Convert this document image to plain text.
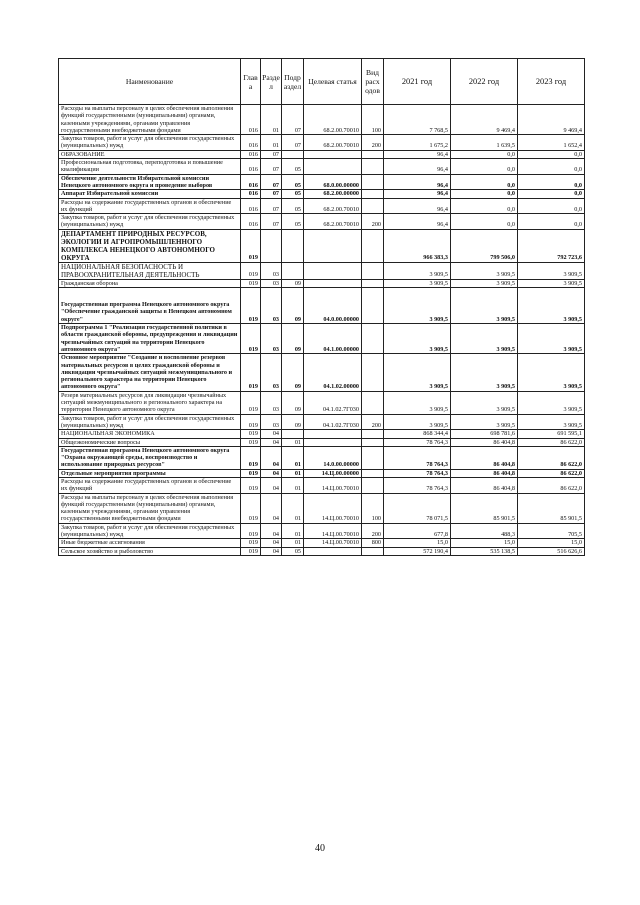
Наименование	Глав а	Разде л	Подр аздел	Целевая статья	Вид расх одов	2021 год	2022 год	2023 год
Расходы на выплаты персоналу в целях обеспечения выполнения функций государственными (муниципальными) органами, казенными учреждениями, органами управления государственными внебюджетными фондами	016	01	07	68.2.00.70010	100	7 768,5	9 469,4	9 469,4
Закупка товаров, работ и услуг для обеспечения государственных (муниципальных) нужд	016	01	07	68.2.00.70010	200	1 675,2	1 639,5	1 652,4
ОБРАЗОВАНИЕ	016	07				96,4	0,0	0,0
Профессиональная подготовка, переподготовка и повышение квалификации	016	07	05			96,4	0,0	0,0
Обеспечение деятельности Избирательной комиссии Ненецкого автономного округа и проведение выборов	016	07	05	68.0.00.00000		96,4	0,0	0,0
Аппарат Избирательной комиссии	016	07	05	68.2.00.00000		96,4	0,0	0,0
Расходы на содержание государственных органов и обеспечение их функций	016	07	05	68.2.00.70010		96,4	0,0	0,0
Закупка товаров, работ и услуг для обеспечения государственных (муниципальных) нужд	016	07	05	68.2.00.70010	200	96,4	0,0	0,0
ДЕПАРТАМЕНТ ПРИРОДНЫХ РЕСУРСОВ, ЭКОЛОГИИ И АГРОПРОМЫШЛЕННОГО КОМПЛЕКСА НЕНЕЦКОГО АВТОНОМНОГО ОКРУГА	019					966 383,3	799 506,0	792 723,6
НАЦИОНАЛЬНАЯ БЕЗОПАСНОСТЬ И ПРАВООХРАНИТЕЛЬНАЯ ДЕЯТЕЛЬНОСТЬ	019	03				3 909,5	3 909,5	3 909,5
Гражданская оборона	019	03	09			3 909,5	3 909,5	3 909,5
Государственная программа Ненецкого автономного округа "Обеспечение гражданской защиты в Ненецком автономном округе"	019	03	09	04.0.00.00000		3 909,5	3 909,5	3 909,5
Подпрограмма 1 "Реализация государственной политики в области гражданской обороны, предупреждения и ликвидации чрезвычайных ситуаций на территории Ненецкого автономного округа"	019	03	09	04.1.00.00000		3 909,5	3 909,5	3 909,5
Основное мероприятие "Создание и восполнение резервов материальных ресурсов в целях гражданской обороны и ликвидации чрезвычайных ситуаций межмуниципального и регионального характера на территории Ненецкого автономного округа"	019	03	09	04.1.02.00000		3 909,5	3 909,5	3 909,5
Резерв материальных ресурсов для ликвидации чрезвычайных ситуаций межмуниципального и регионального характера на территории Ненецкого автономного округа	019	03	09	04.1.02.7Г030		3 909,5	3 909,5	3 909,5
Закупка товаров, работ и услуг для обеспечения государственных (муниципальных) нужд	019	03	09	04.1.02.7Г030	200	3 909,5	3 909,5	3 909,5
НАЦИОНАЛЬНАЯ ЭКОНОМИКА	019	04				868 344,4	698 781,6	691 595,1
Общеэкономические вопросы	019	04	01			78 764,3	86 404,8	86 622,0
Государственная программа Ненецкого автономного округа "Охрана окружающей среды, воспроизводство и использование природных ресурсов"	019	04	01	14.0.00.00000		78 764,3	86 404,8	86 622,0
Отдельные мероприятия программы	019	04	01	14.Ц.00.00000		78 764,3	86 404,8	86 622,0
Расходы на содержание государственных органов и обеспечение их функций	019	04	01	14.Ц.00.70010		78 764,3	86 404,8	86 622,0
Расходы на выплаты персоналу в целях обеспечения выполнения функций государственными (муниципальными) органами, казенными учреждениями, органами управления государственными внебюджетными фондами	019	04	01	14.Ц.00.70010	100	78 071,5	85 901,5	85 901,5
Закупка товаров, работ и услуг для обеспечения государственных (муниципальных) нужд	019	04	01	14.Ц.00.70010	200	677,8	488,3	705,5
Иные бюджетные ассигнования	019	04	01	14.Ц.00.70010	800	15,0	15,0	15,0
Сельское хозяйство и рыболовство	019	04	05			572 190,4	535 138,5	516 626,6
40
